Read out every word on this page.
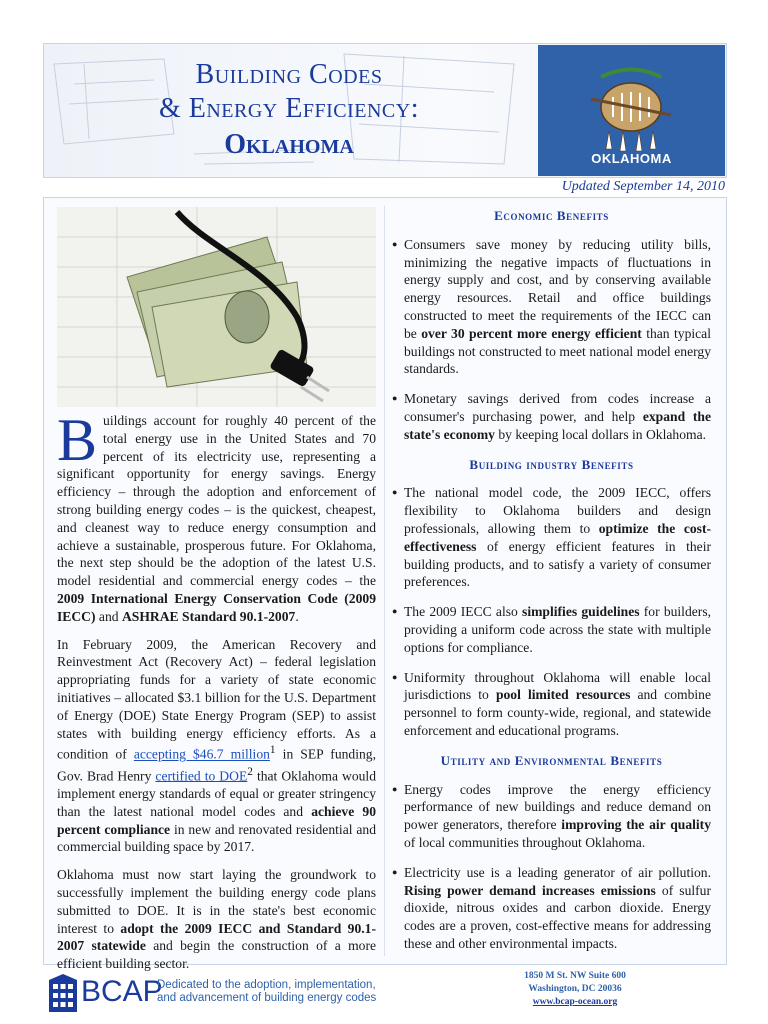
Building Codes
& Energy Efficiency:
Oklahoma	OKLAHOMA
Updated September 14, 2010

Buildings account for roughly 40 percent of the total energy use in the United States and 70 percent of its electricity use, representing a significant opportunity for energy savings. Energy efficiency – through the adoption and enforcement of strong building energy codes – is the quickest, cheapest, and cleanest way to reduce energy consumption and achieve a sustainable, prosperous future. For Oklahoma, the next step should be the adoption of the latest U.S. model residential and commercial energy codes – the 2009 International Energy Conservation Code (2009 IECC) and ASHRAE Standard 90.1-2007.

In February 2009, the American Recovery and Reinvestment Act (Recovery Act) – federal legislation appropriating funds for a variety of state economic initiatives – allocated $3.1 billion for the U.S. Department of Energy (DOE) State Energy Program (SEP) to assist states with building energy efficiency efforts. As a condition of accepting $46.7 million$^1$ in SEP funding, Gov. Brad Henry certified to DOE$^2$ that Oklahoma would implement energy standards of equal or greater stringency than the latest national model codes and achieve 90 percent compliance in new and renovated residential and commercial building space by 2017.

Oklahoma must now start laying the groundwork to successfully implement the building energy code plans submitted to DOE. It is in the state's best economic interest to adopt the 2009 IECC and Standard 90.1-2007 statewide and begin the construction of a more efficient building sector.

Economic Benefits
● Consumers save money by reducing utility bills, minimizing the negative impacts of fluctuations in energy supply and cost, and by conserving available energy resources. Retail and office buildings constructed to meet the requirements of the IECC can be over 30 percent more energy efficient than typical buildings not constructed to meet national model energy standards.
● Monetary savings derived from codes increase a consumer's purchasing power, and help expand the state's economy by keeping local dollars in Oklahoma.
Building industry Benefits
● The national model code, the 2009 IECC, offers flexibility to Oklahoma builders and design professionals, allowing them to optimize the cost-effectiveness of energy efficient features in their building products, and to satisfy a variety of consumer preferences.
● The 2009 IECC also simplifies guidelines for builders, providing a uniform code across the state with multiple options for compliance.
● Uniformity throughout Oklahoma will enable local jurisdictions to pool limited resources and combine personnel to form county-wide, regional, and statewide enforcement and educational programs.
Utility and Environmental Benefits
● Energy codes improve the energy efficiency performance of new buildings and reduce demand on power generators, therefore improving the air quality of local communities throughout Oklahoma.
● Electricity use is a leading generator of air pollution. Rising power demand increases emissions of sulfur dioxide, nitrous oxides and carbon dioxide. Energy codes are a proven, cost-effective means for addressing these and other environmental impacts.
BCAP
Dedicated to the adoption, implementation,
and advancement of building energy codes
1850 M St. NW Suite 600
Washington, DC 20036
www.bcap-ocean.org
